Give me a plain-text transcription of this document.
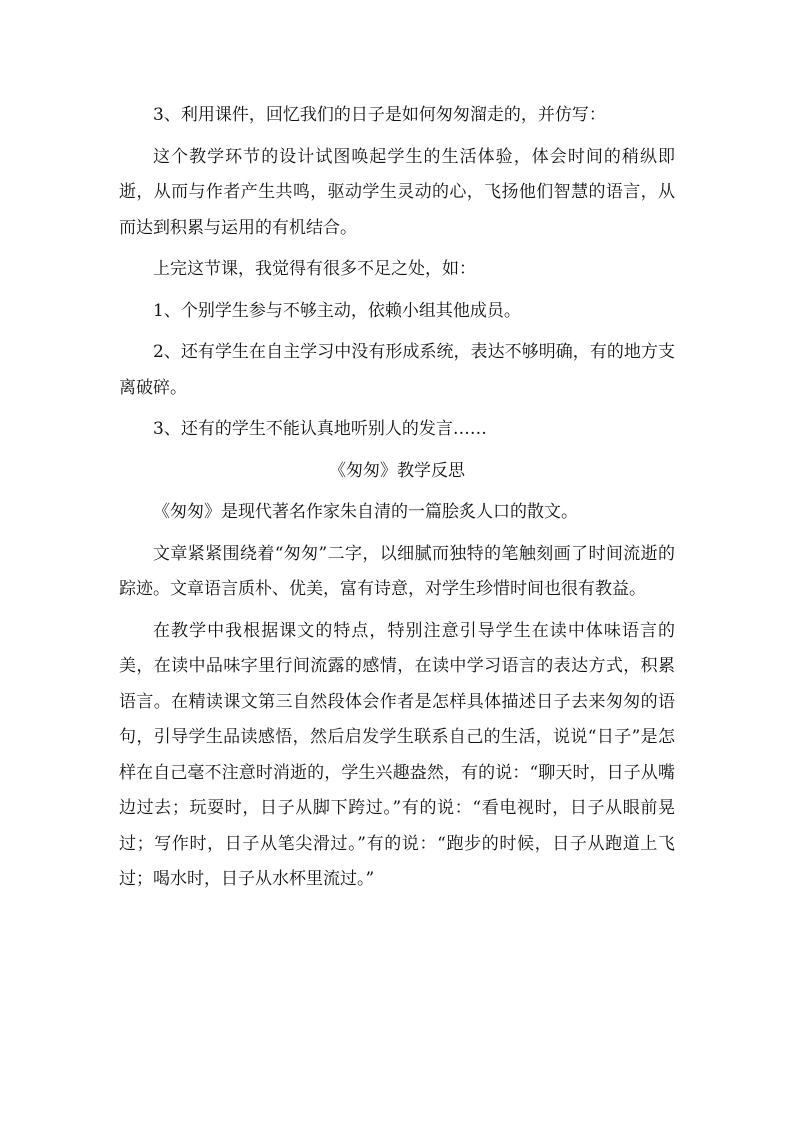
3、利用课件，回忆我们的日子是如何匆匆溜走的，并仿写：

这个教学环节的设计试图唤起学生的生活体验，体会时间的稍纵即逝，从而与作者产生共鸣，驱动学生灵动的心，飞扬他们智慧的语言，从而达到积累与运用的有机结合。

上完这节课，我觉得有很多不足之处，如：

1、个别学生参与不够主动，依赖小组其他成员。

2、还有学生在自主学习中没有形成系统，表达不够明确，有的地方支离破碎。

3、还有的学生不能认真地听别人的发言……

《匆匆》教学反思

《匆匆》是现代著名作家朱自清的一篇脍炙人口的散文。

文章紧紧围绕着“匆匆”二字，以细腻而独特的笔触刻画了时间流逝的踪迹。文章语言质朴、优美，富有诗意，对学生珍惜时间也很有教益。

在教学中我根据课文的特点，特别注意引导学生在读中体味语言的美，在读中品味字里行间流露的感情，在读中学习语言的表达方式，积累语言。在精读课文第三自然段体会作者是怎样具体描述日子去来匆匆的语句，引导学生品读感悟，然后启发学生联系自己的生活，说说“日子”是怎样在自己毫不注意时消逝的，学生兴趣盎然，有的说：“聊天时，日子从嘴边过去；玩耍时，日子从脚下跨过。”有的说：“看电视时，日子从眼前晃过；写作时，日子从笔尖滑过。”有的说：“跑步的时候，日子从跑道上飞过；喝水时，日子从水杯里流过。”
